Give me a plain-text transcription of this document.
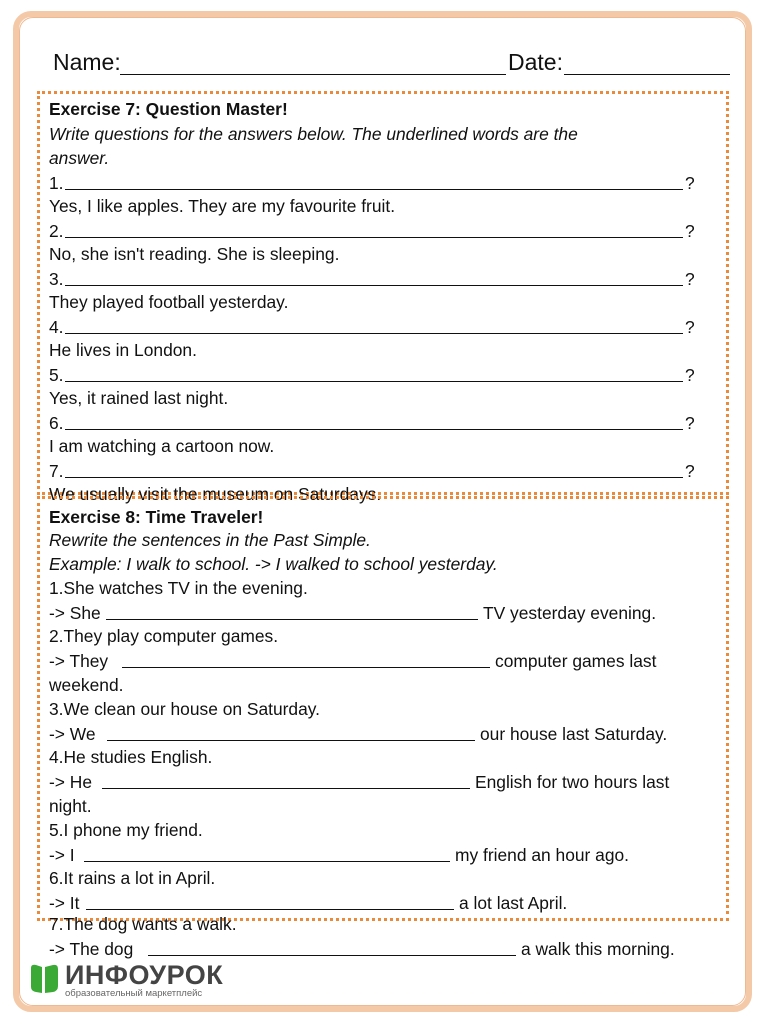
Name:	Date:
Exercise 7: Question Master!
Write questions for the answers below. The underlined words are the
answer.
1.	?
Yes, I like apples. They are my favourite fruit.
2.	?
No, she isn't reading. She is sleeping.
3.	?
They played football yesterday.
4.	?
He lives in London.
5.	?
Yes, it rained last night.
6.	?
I am watching a cartoon now.
7.	?
We usually visit the museum on Saturdays.
Exercise 8: Time Traveler!
Rewrite the sentences in the Past Simple.
Example: I walk to school. -> I walked to school yesterday.
1.She watches TV in the evening.
-> She	TV yesterday evening.
2.They play computer games.
-> They	computer games last
weekend.
3.We clean our house on Saturday.
-> We	our house last Saturday.
4.He studies English.
-> He	English for two hours last
night.
5.I phone my friend.
-> I	my friend an hour ago.
6.It rains a lot in April.
-> It	a lot last April.
7.The dog wants a walk.
-> The dog	a walk this morning.
ИНФОУРОК
образовательный маркетплейс
